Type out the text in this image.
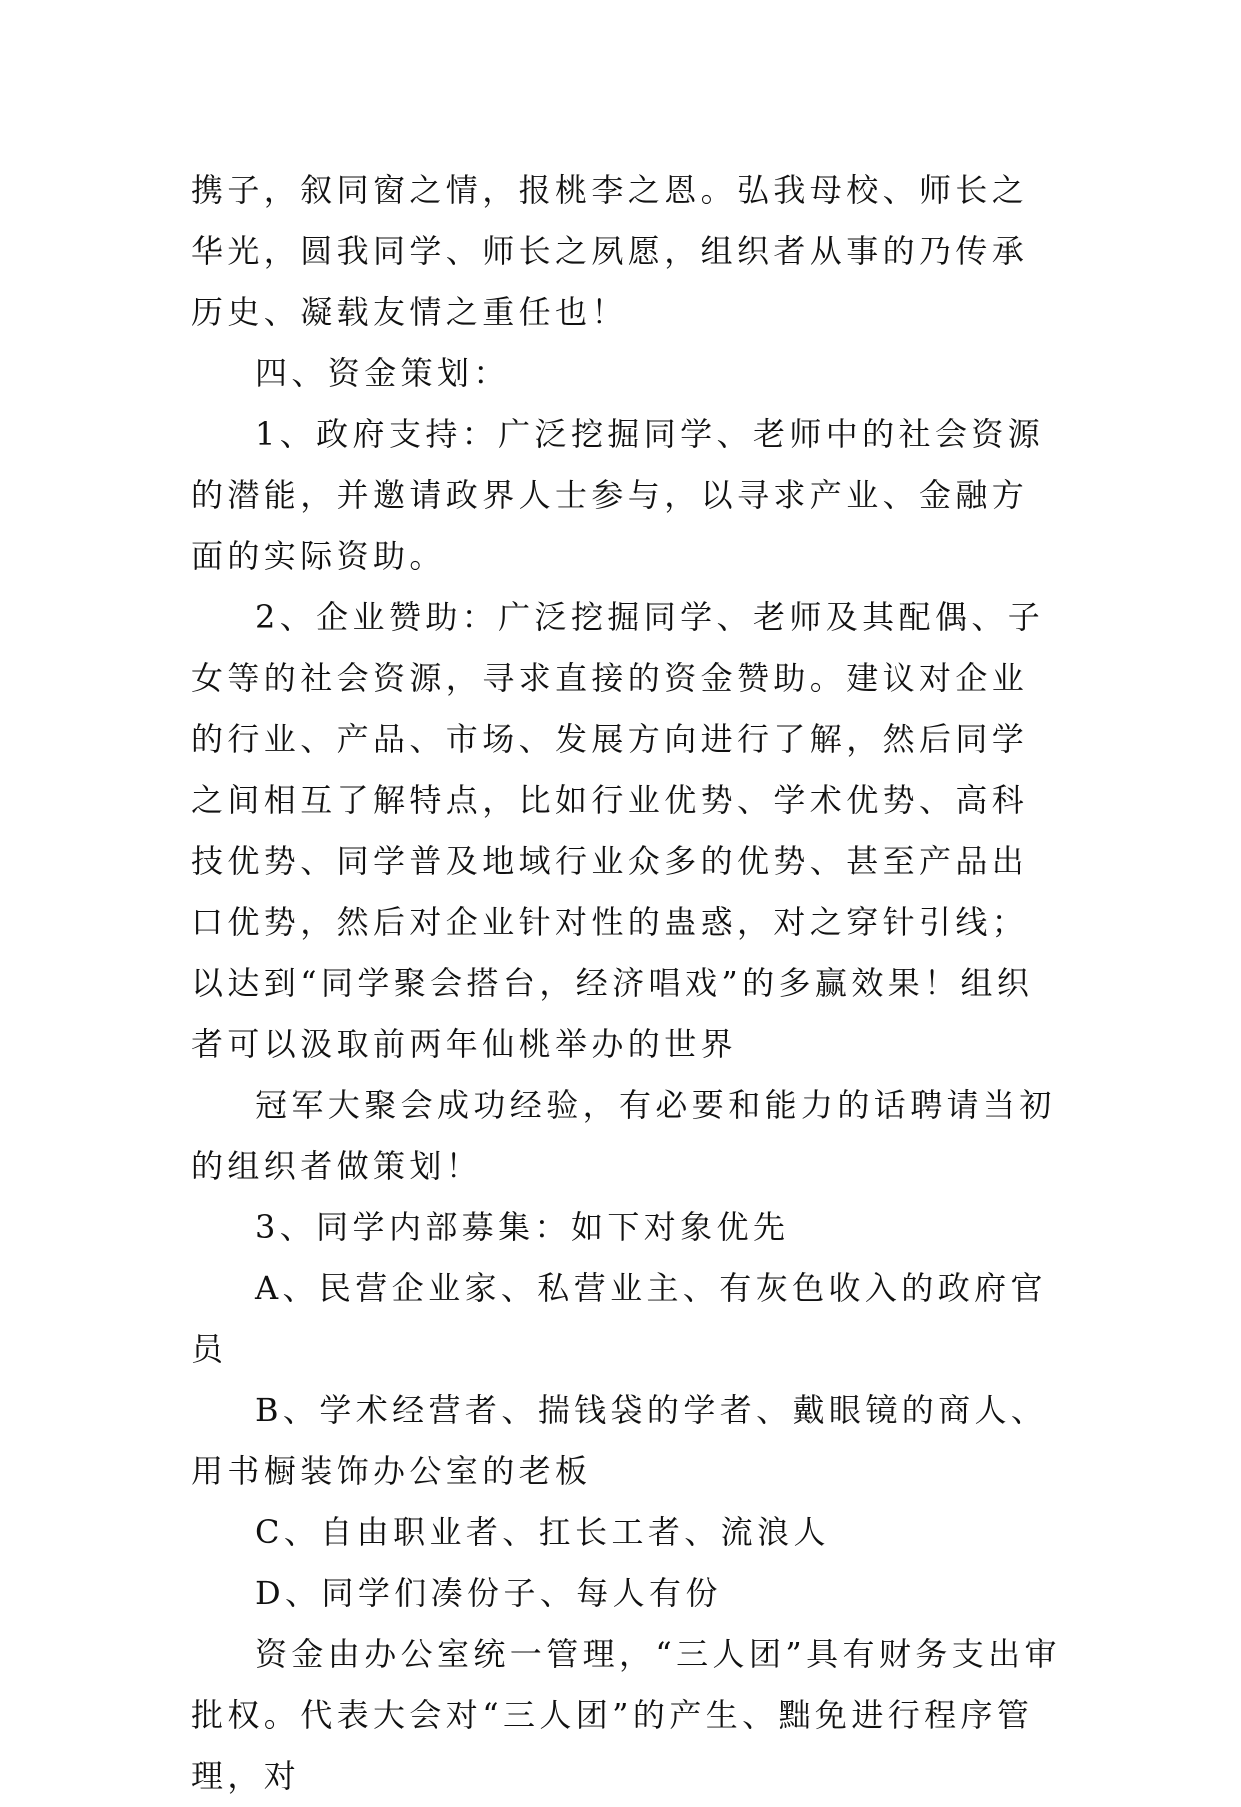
携子，叙同窗之情，报桃李之恩。弘我母校、师长之华光，圆我同学、师长之夙愿，组织者从事的乃传承历史、凝载友情之重任也！

四、资金策划：

1、政府支持：广泛挖掘同学、老师中的社会资源的潜能，并邀请政界人士参与，以寻求产业、金融方面的实际资助。

2、企业赞助：广泛挖掘同学、老师及其配偶、子女等的社会资源，寻求直接的资金赞助。建议对企业的行业、产品、市场、发展方向进行了解，然后同学之间相互了解特点，比如行业优势、学术优势、高科技优势、同学普及地域行业众多的优势、甚至产品出口优势，然后对企业针对性的蛊惑，对之穿针引线；以达到“同学聚会搭台，经济唱戏”的多赢效果！组织者可以汲取前两年仙桃举办的世界

冠军大聚会成功经验，有必要和能力的话聘请当初的组织者做策划！

3、同学内部募集：如下对象优先

A、民营企业家、私营业主、有灰色收入的政府官员

B、学术经营者、揣钱袋的学者、戴眼镜的商人、用书橱装饰办公室的老板

C、自由职业者、扛长工者、流浪人

D、同学们凑份子、每人有份

资金由办公室统一管理，“三人团”具有财务支出审批权。代表大会对“三人团”的产生、黜免进行程序管理，对
